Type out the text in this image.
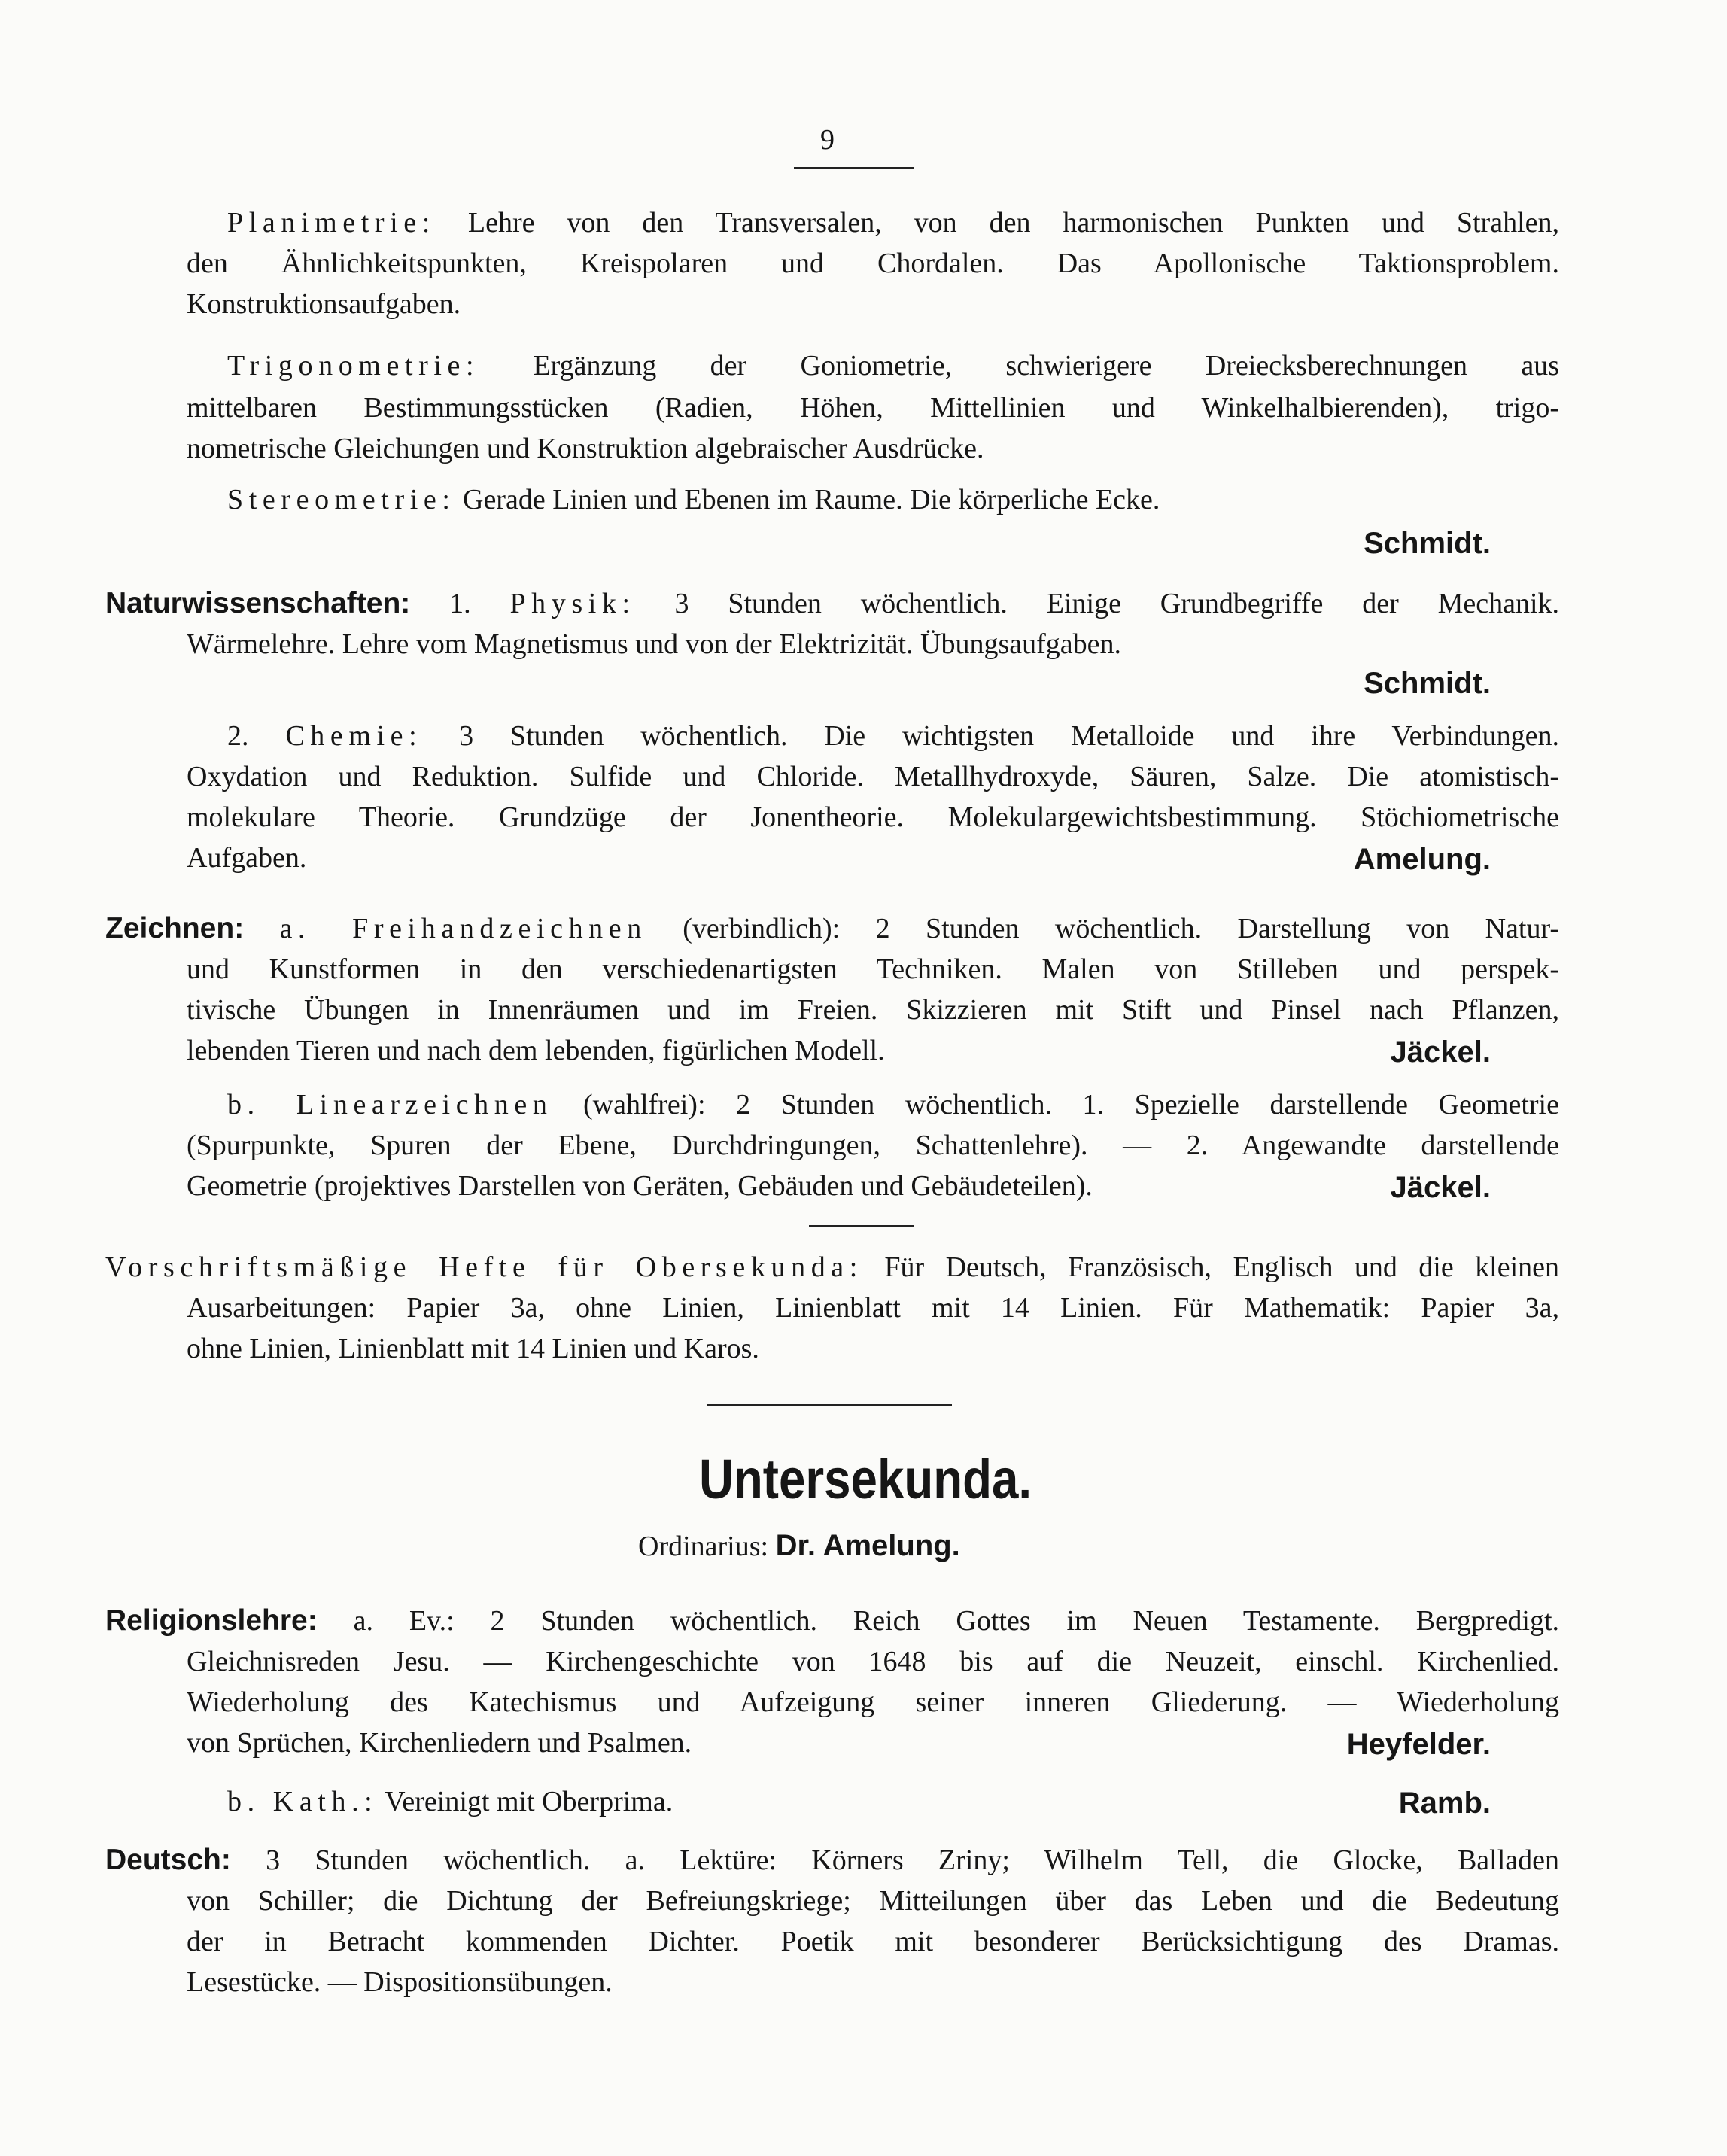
9

Planimetrie: Lehre von den Transversalen, von den harmonischen Punkten und Strahlen,

den Ähnlichkeitspunkten, Kreispolaren und Chordalen. Das Apollonische Taktionsproblem.

Konstruktionsaufgaben.

Trigonometrie: Ergänzung der Goniometrie, schwierigere Dreiecksberechnungen aus

mittelbaren Bestimmungsstücken (Radien, Höhen, Mittellinien und Winkelhalbierenden), trigo-

nometrische Gleichungen und Konstruktion algebraischer Ausdrücke.

Stereometrie: Gerade Linien und Ebenen im Raume. Die körperliche Ecke.

Schmidt.

Naturwissenschaften: 1. Physik: 3 Stunden wöchentlich. Einige Grundbegriffe der Mechanik.

Wärmelehre. Lehre vom Magnetismus und von der Elektrizität. Übungsaufgaben.

Schmidt.

2. Chemie: 3 Stunden wöchentlich. Die wichtigsten Metalloide und ihre Verbindungen.

Oxydation und Reduktion. Sulfide und Chloride. Metallhydroxyde, Säuren, Salze. Die atomistisch-

molekulare Theorie. Grundzüge der Jonentheorie. Molekulargewichtsbestimmung. Stöchiometrische

Aufgaben.	Amelung.

Zeichnen: a. Freihandzeichnen (verbindlich): 2 Stunden wöchentlich. Darstellung von Natur-

und Kunstformen in den verschiedenartigsten Techniken. Malen von Stilleben und perspek-

tivische Übungen in Innenräumen und im Freien. Skizzieren mit Stift und Pinsel nach Pflanzen,

lebenden Tieren und nach dem lebenden, figürlichen Modell.	Jäckel.

b. Linearzeichnen (wahlfrei): 2 Stunden wöchentlich. 1. Spezielle darstellende Geometrie

(Spurpunkte, Spuren der Ebene, Durchdringungen, Schattenlehre). — 2. Angewandte darstellende

Geometrie (projektives Darstellen von Geräten, Gebäuden und Gebäudeteilen).	Jäckel.

Vorschriftsmäßige Hefte für Obersekunda: Für Deutsch, Französisch, Englisch und die kleinen

Ausarbeitungen: Papier 3a, ohne Linien, Linienblatt mit 14 Linien. Für Mathematik: Papier 3a,

ohne Linien, Linienblatt mit 14 Linien und Karos.

Untersekunda.

Ordinarius: Dr. Amelung.

Religionslehre: a. Ev.: 2 Stunden wöchentlich. Reich Gottes im Neuen Testamente. Bergpredigt.

Gleichnisreden Jesu. — Kirchengeschichte von 1648 bis auf die Neuzeit, einschl. Kirchenlied.

Wiederholung des Katechismus und Aufzeigung seiner inneren Gliederung. — Wiederholung

von Sprüchen, Kirchenliedern und Psalmen.	Heyfelder.

b. Kath.: Vereinigt mit Oberprima.	Ramb.

Deutsch: 3 Stunden wöchentlich. a. Lektüre: Körners Zriny; Wilhelm Tell, die Glocke, Balladen

von Schiller; die Dichtung der Befreiungskriege; Mitteilungen über das Leben und die Bedeutung

der in Betracht kommenden Dichter. Poetik mit besonderer Berücksichtigung des Dramas.

Lesestücke. — Dispositionsübungen.
